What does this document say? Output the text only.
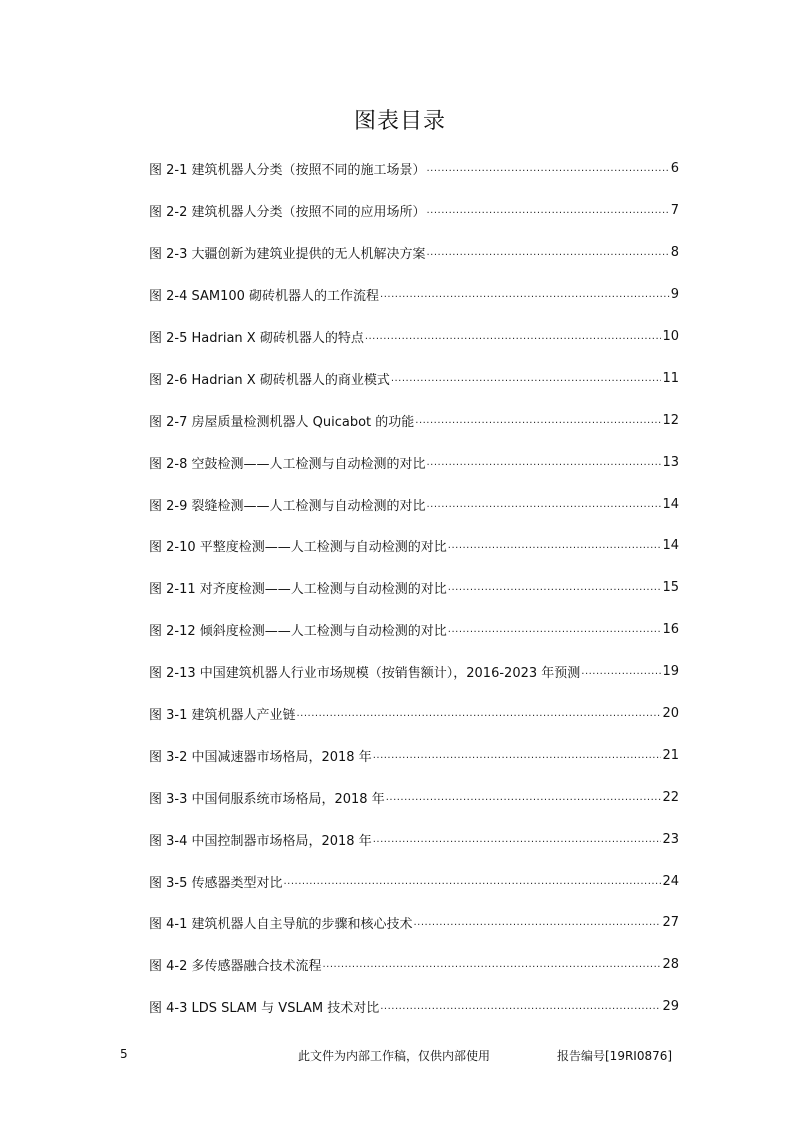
图表目录
图 2-1 建筑机器人分类（按照不同的施工场景） .....	6
图 2-2 建筑机器人分类（按照不同的应用场所） .....	7
图 2-3 大疆创新为建筑业提供的无人机解决方案 .....	8
图 2-4 SAM100 砌砖机器人的工作流程 .....	9
图 2-5 Hadrian X 砌砖机器人的特点 .....	10
图 2-6 Hadrian X 砌砖机器人的商业模式 .....	11
图 2-7 房屋质量检测机器人 Quicabot 的功能 .....	12
图 2-8 空鼓检测——人工检测与自动检测的对比 .....	13
图 2-9 裂缝检测——人工检测与自动检测的对比 .....	14
图 2-10 平整度检测——人工检测与自动检测的对比 .....	14
图 2-11 对齐度检测——人工检测与自动检测的对比 .....	15
图 2-12 倾斜度检测——人工检测与自动检测的对比 .....	16
图 2-13 中国建筑机器人行业市场规模（按销售额计），2016-2023 年预测 .....	19
图 3-1 建筑机器人产业链 .....	20
图 3-2 中国减速器市场格局，2018 年 .....	21
图 3-3 中国伺服系统市场格局，2018 年 .....	22
图 3-4 中国控制器市场格局，2018 年 .....	23
图 3-5 传感器类型对比 .....	24
图 4-1 建筑机器人自主导航的步骤和核心技术 .....	27
图 4-2 多传感器融合技术流程 .....	28
图 4-3 LDS SLAM 与 VSLAM 技术对比 .....	29
5	此文件为内部工作稿，仅供内部使用	报告编号[19RI0876]
